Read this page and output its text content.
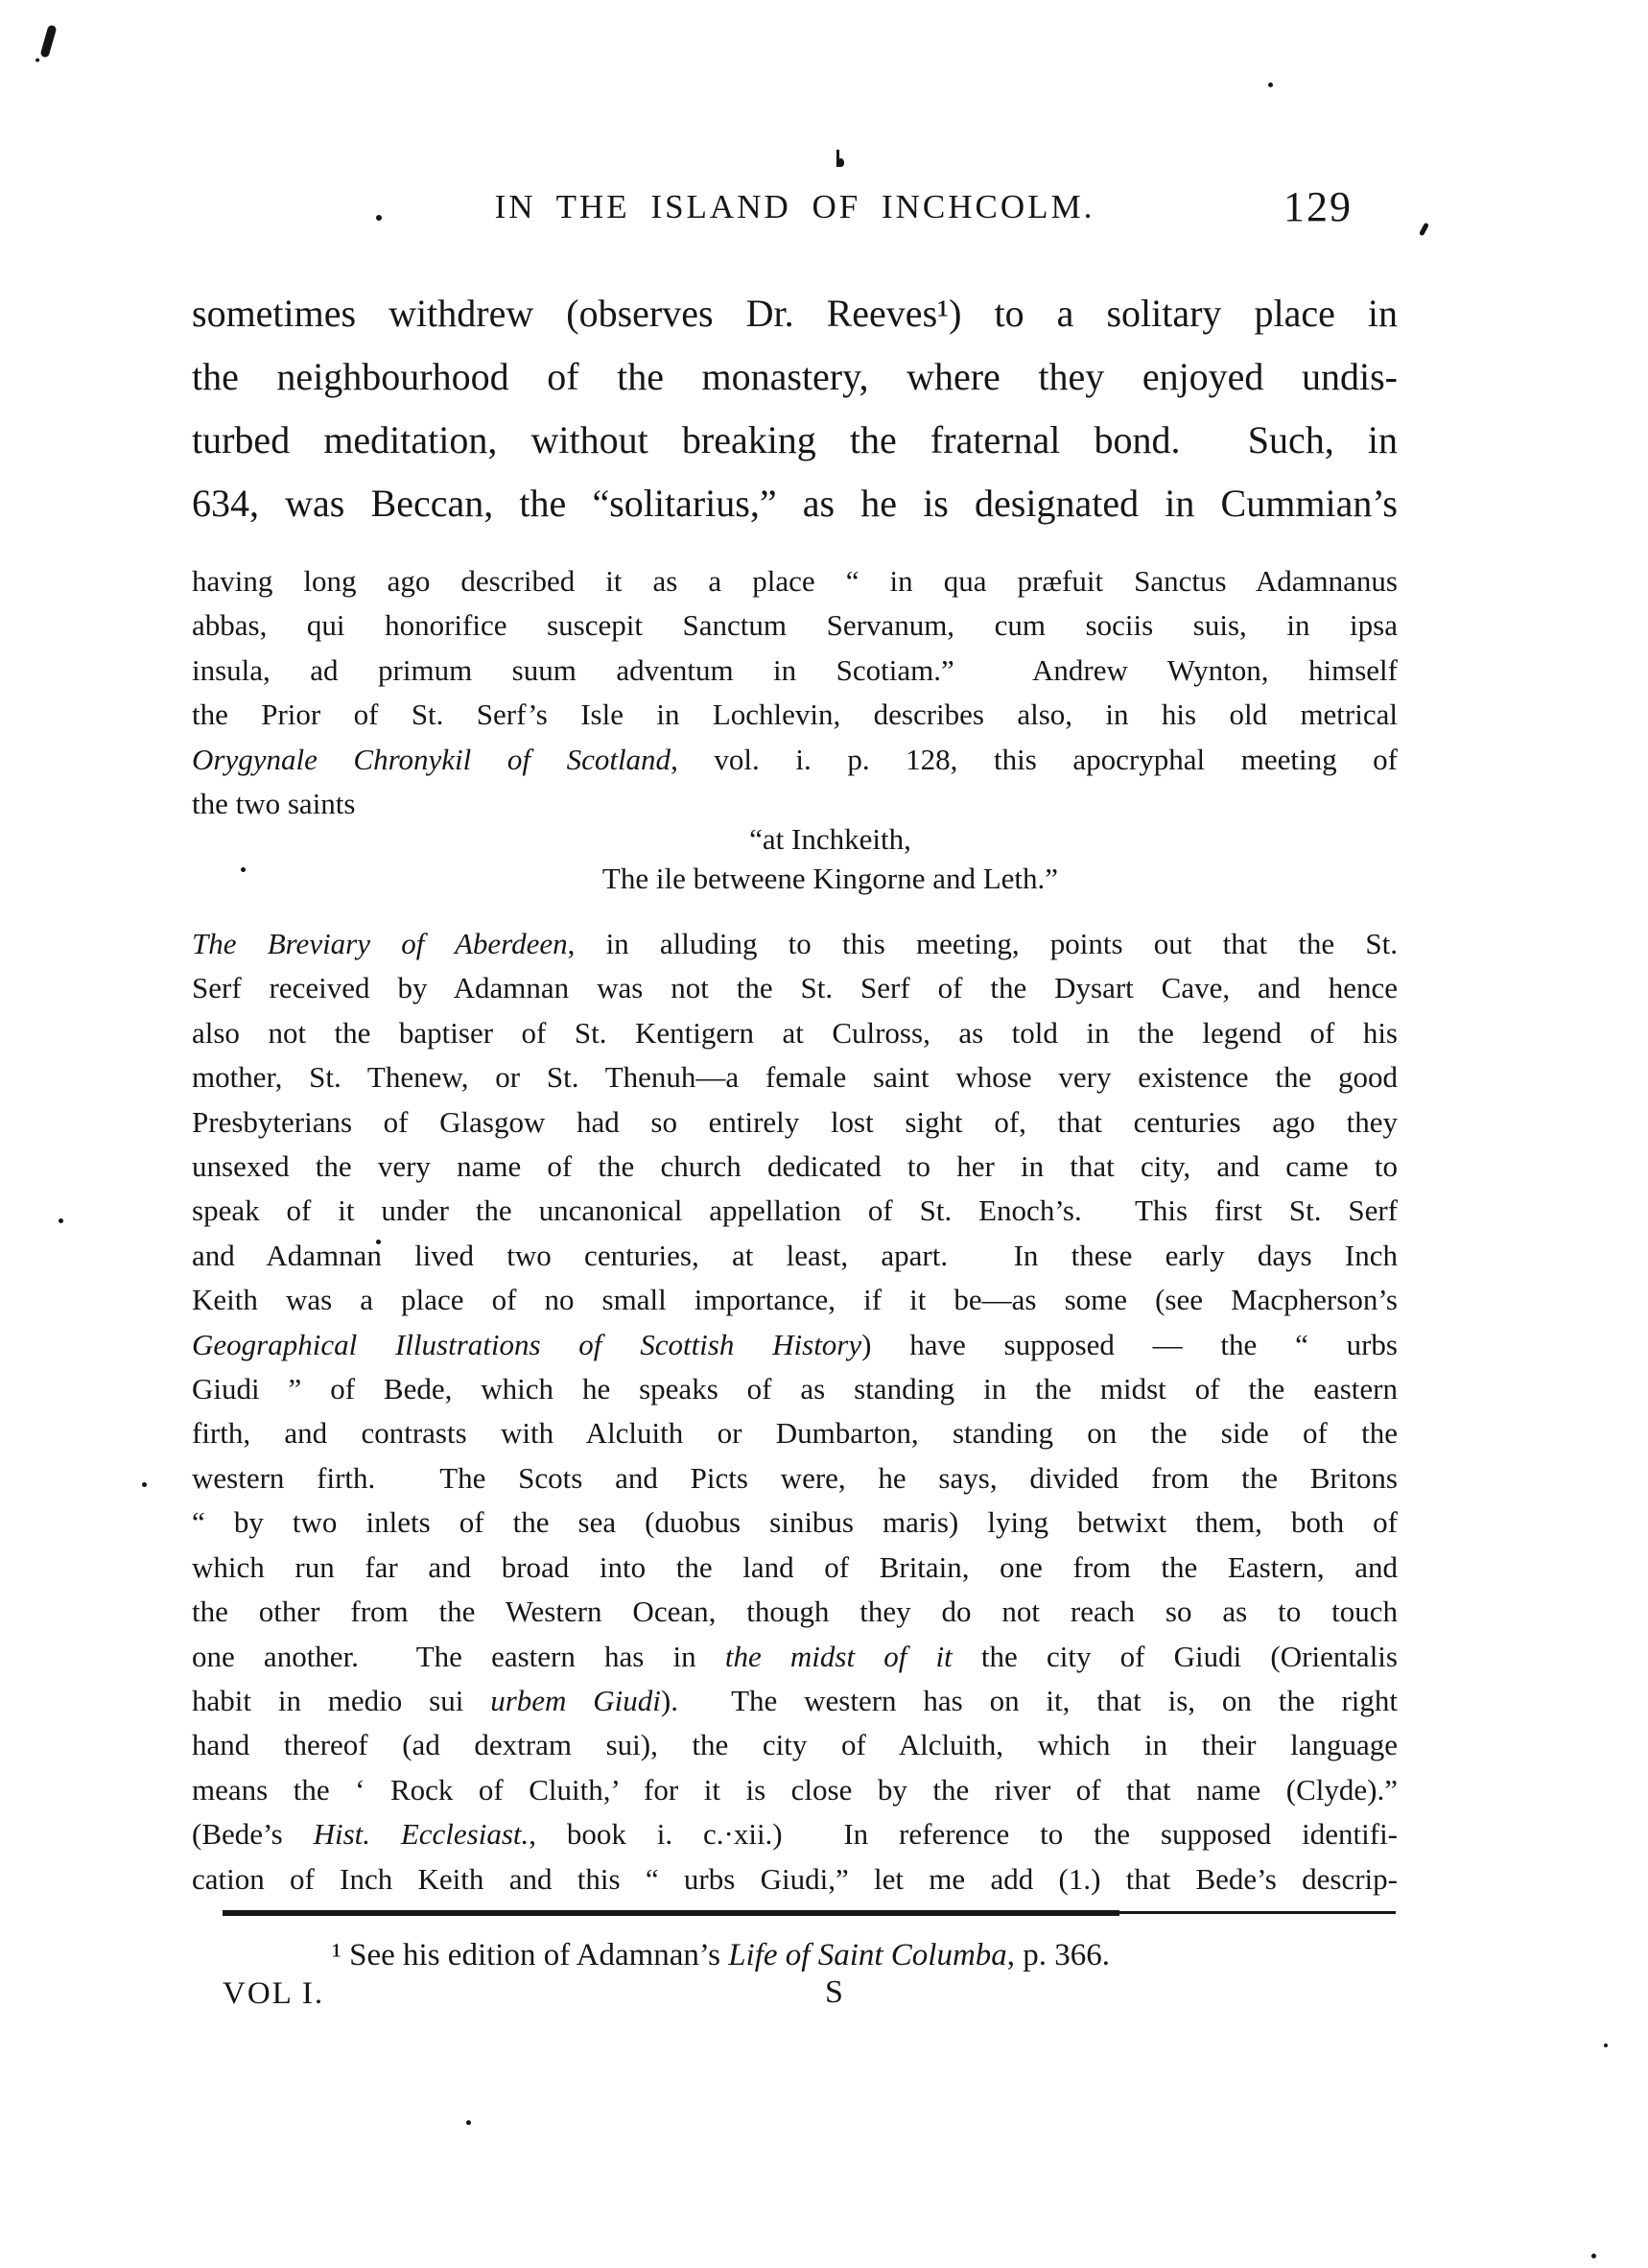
IN THE ISLAND OF INCHCOLM.	129
sometimes withdrew (observes Dr. Reeves¹) to a solitary place in
the neighbourhood of the monastery, where they enjoyed undis-
turbed meditation, without breaking the fraternal bond.  Such, in
634, was Beccan, the “solitarius,” as he is designated in Cummian’s
having long ago described it as a place “ in qua præfuit Sanctus Adamnanus
abbas, qui honorifice suscepit Sanctum Servanum, cum sociis suis, in ipsa
insula, ad primum suum adventum in Scotiam.”  Andrew Wynton, himself
the Prior of St. Serf’s Isle in Lochlevin, describes also, in his old metrical
Orygynale Chronykil of Scotland, vol. i. p. 128, this apocryphal meeting of
the two saints
“at Inchkeith,
The ile betweene Kingorne and Leth.”
The Breviary of Aberdeen, in alluding to this meeting, points out that the St.
Serf received by Adamnan was not the St. Serf of the Dysart Cave, and hence
also not the baptiser of St. Kentigern at Culross, as told in the legend of his
mother, St. Thenew, or St. Thenuh—a female saint whose very existence the good
Presbyterians of Glasgow had so entirely lost sight of, that centuries ago they
unsexed the very name of the church dedicated to her in that city, and came to
speak of it under the uncanonical appellation of St. Enoch’s.  This first St. Serf
and Adamnan lived two centuries, at least, apart.  In these early days Inch
Keith was a place of no small importance, if it be—as some (see Macpherson’s
Geographical Illustrations of Scottish History) have supposed — the “ urbs
Giudi ” of Bede, which he speaks of as standing in the midst of the eastern
firth, and contrasts with Alcluith or Dumbarton, standing on the side of the
western firth.  The Scots and Picts were, he says, divided from the Britons
“ by two inlets of the sea (duobus sinibus maris) lying betwixt them, both of
which run far and broad into the land of Britain, one from the Eastern, and
the other from the Western Ocean, though they do not reach so as to touch
one another.  The eastern has in the midst of it the city of Giudi (Orientalis
habit in medio sui urbem Giudi).  The western has on it, that is, on the right
hand thereof (ad dextram sui), the city of Alcluith, which in their language
means the ‘ Rock of Cluith,’ for it is close by the river of that name (Clyde).”
(Bede’s Hist. Ecclesiast., book i. c.·xii.)  In reference to the supposed identifi-
cation of Inch Keith and this “ urbs Giudi,” let me add (1.) that Bede’s descrip-
¹ See his edition of Adamnan’s Life of Saint Columba, p. 366.
VOL I.	S
